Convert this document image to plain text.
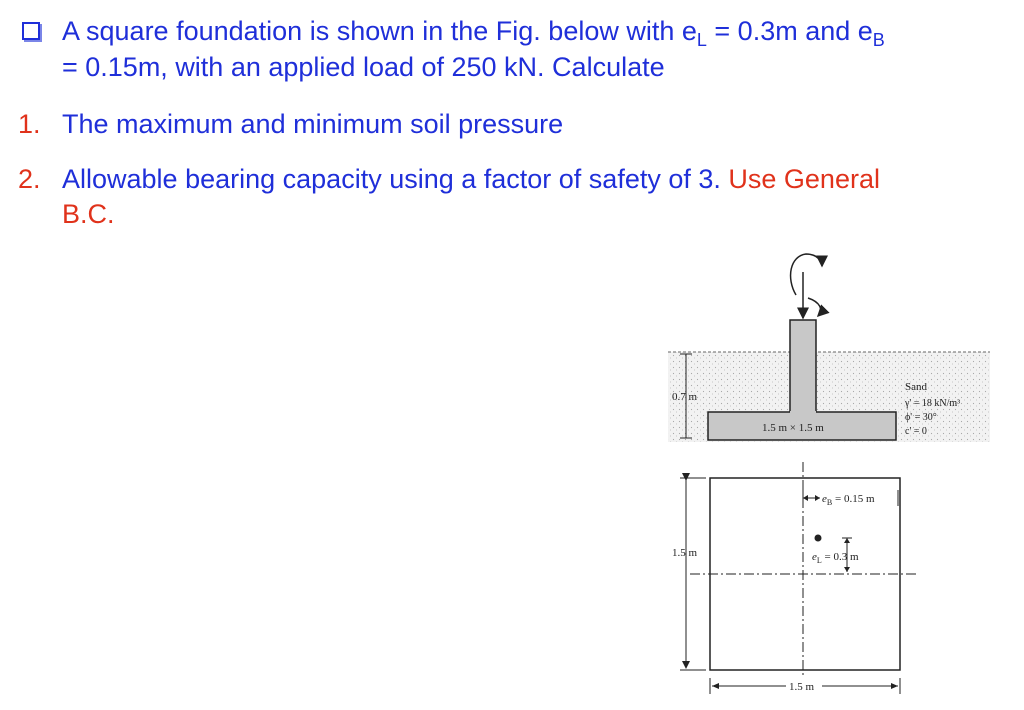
A square foundation is shown in the Fig. below with $e_L = 0.3m$ and $e_B$
= 0.15m, with an applied load of 250 kN. Calculate
1. The maximum and minimum soil pressure
2. Allowable bearing capacity using a factor of safety of 3. Use General
B.C.
0.7 m
1.5 m × 1.5 m
Sand
γ' = 18 kN/m³
ϕ' = 30°
c' = 0
$e_B = 0.15$ m
$e_L = 0.3$ m
1.5 m
1.5 m
